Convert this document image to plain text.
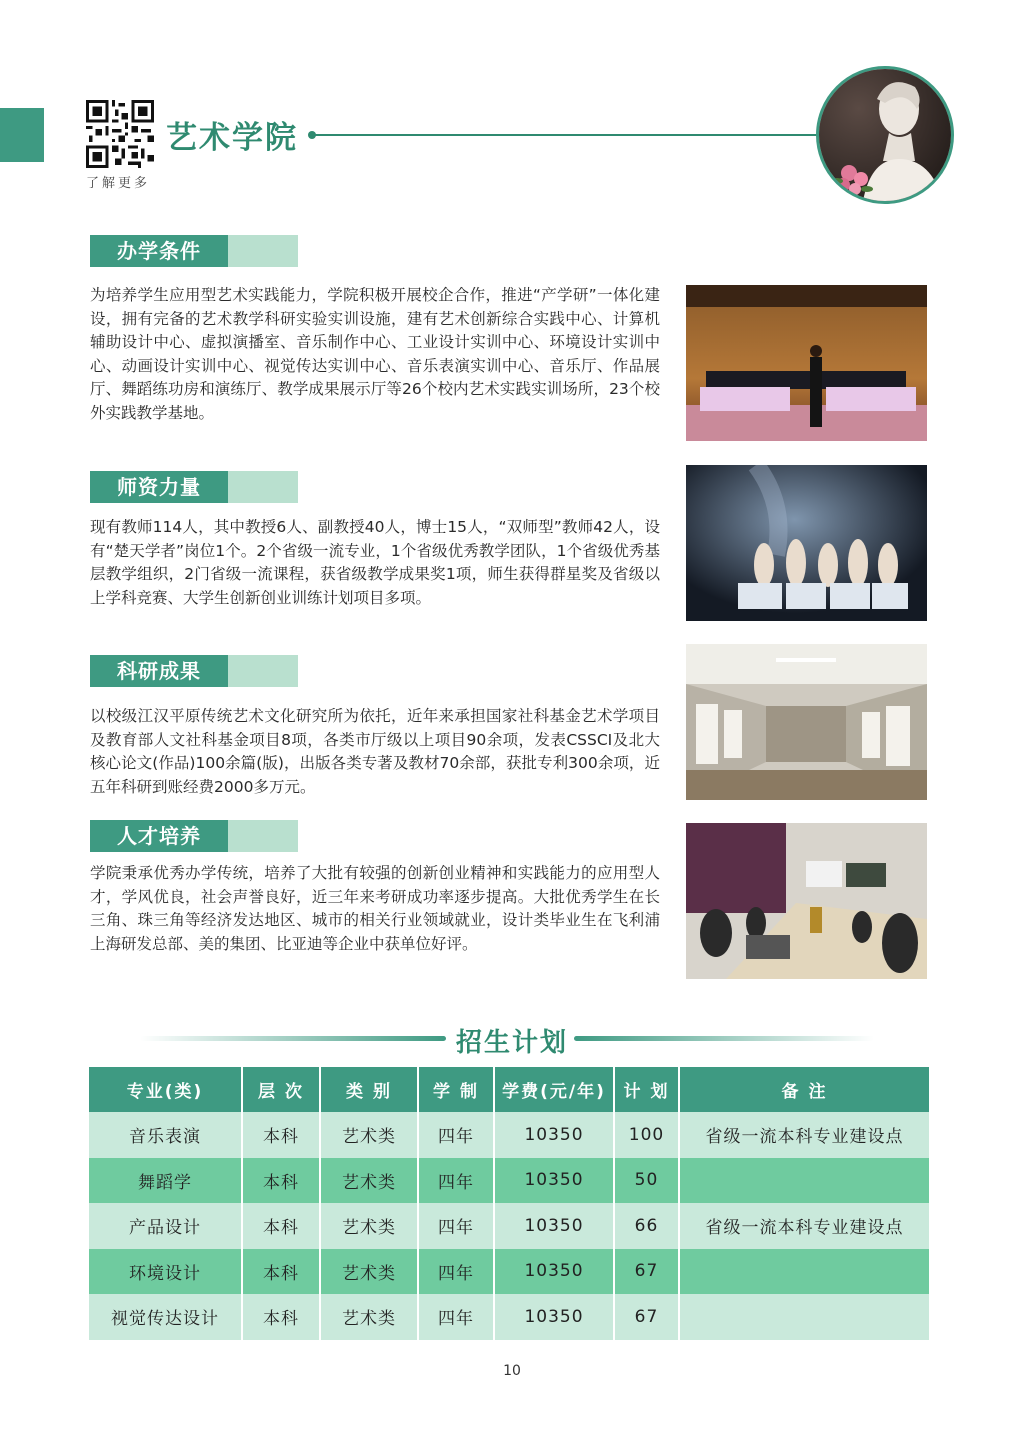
了解更多
艺术学院
办学条件
为培养学生应用型艺术实践能力，学院积极开展校企合作，推进“产学研”一体化建设，拥有完备的艺术教学科研实验实训设施，建有艺术创新综合实践中心、计算机辅助设计中心、虚拟演播室、音乐制作中心、工业设计实训中心、环境设计实训中心、动画设计实训中心、视觉传达实训中心、音乐表演实训中心、音乐厅、作品展厅、舞蹈练功房和演练厅、教学成果展示厅等26个校内艺术实践实训场所，23个校外实践教学基地。
师资力量
现有教师114人，其中教授6人、副教授40人，博士15人，“双师型”教师42人，设有“楚天学者”岗位1个。2个省级一流专业，1个省级优秀教学团队，1个省级优秀基层教学组织，2门省级一流课程，获省级教学成果奖1项，师生获得群星奖及省级以上学科竞赛、大学生创新创业训练计划项目多项。
科研成果
以校级江汉平原传统艺术文化研究所为依托，近年来承担国家社科基金艺术学项目及教育部人文社科基金项目8项，各类市厅级以上项目90余项，发表CSSCI及北大核心论文(作品)100余篇(版)，出版各类专著及教材70余部，获批专利300余项，近五年科研到账经费2000多万元。
人才培养
学院秉承优秀办学传统，培养了大批有较强的创新创业精神和实践能力的应用型人才，学风优良，社会声誉良好，近三年来考研成功率逐步提高。大批优秀学生在长三角、珠三角等经济发达地区、城市的相关行业领域就业，设计类毕业生在飞利浦上海研发总部、美的集团、比亚迪等企业中获单位好评。
招生计划
专业(类)	层 次	类 别	学 制	学费(元/年)	计 划	备 注
音乐表演	本科	艺术类	四年	10350	100	省级一流本科专业建设点
舞蹈学	本科	艺术类	四年	10350	50	
产品设计	本科	艺术类	四年	10350	66	省级一流本科专业建设点
环境设计	本科	艺术类	四年	10350	67	
视觉传达设计	本科	艺术类	四年	10350	67	
10
